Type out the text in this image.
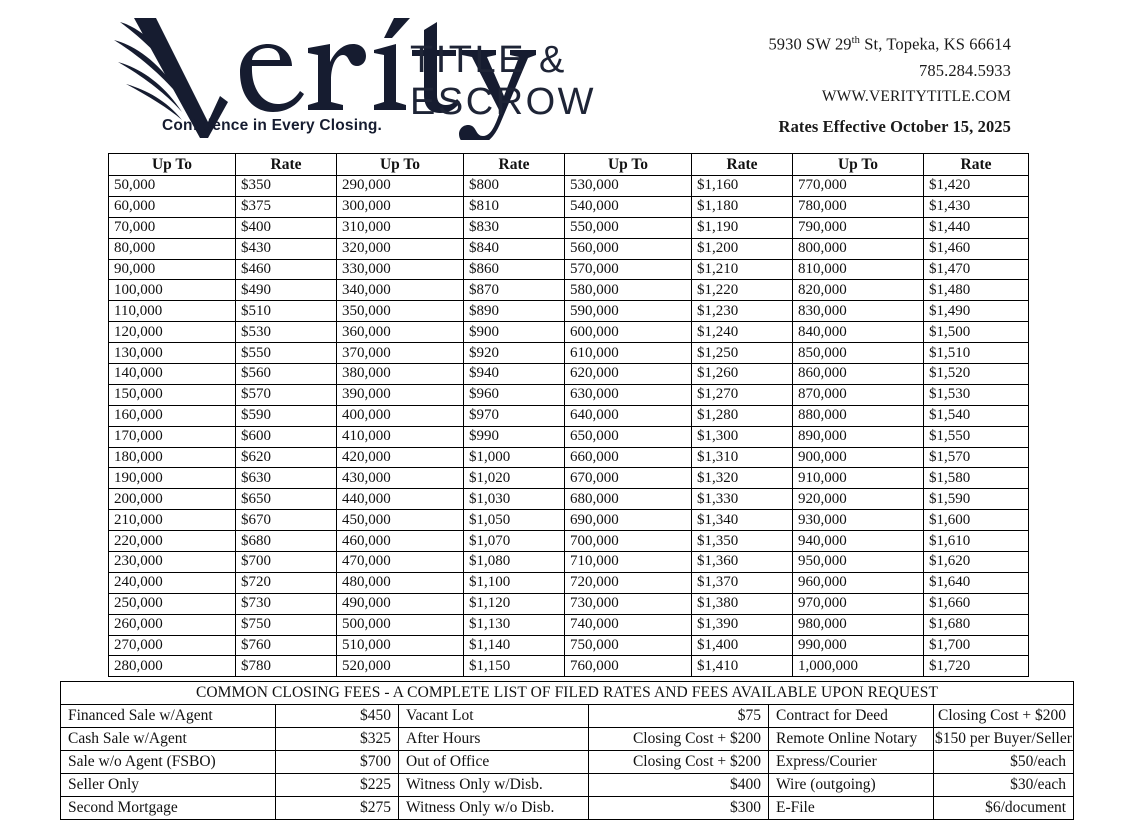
Confidence in Every Closing.
TITLE &
ESCROW
5930 SW 29th St, Topeka, KS 66614
785.284.5933
WWW.VERITYTITLE.COM
Rates Effective October 15, 2025
Up To	Rate	Up To	Rate	Up To	Rate	Up To	Rate
50,000	$350	290,000	$800	530,000	$1,160	770,000	$1,420
60,000	$375	300,000	$810	540,000	$1,180	780,000	$1,430
70,000	$400	310,000	$830	550,000	$1,190	790,000	$1,440
80,000	$430	320,000	$840	560,000	$1,200	800,000	$1,460
90,000	$460	330,000	$860	570,000	$1,210	810,000	$1,470
100,000	$490	340,000	$870	580,000	$1,220	820,000	$1,480
110,000	$510	350,000	$890	590,000	$1,230	830,000	$1,490
120,000	$530	360,000	$900	600,000	$1,240	840,000	$1,500
130,000	$550	370,000	$920	610,000	$1,250	850,000	$1,510
140,000	$560	380,000	$940	620,000	$1,260	860,000	$1,520
150,000	$570	390,000	$960	630,000	$1,270	870,000	$1,530
160,000	$590	400,000	$970	640,000	$1,280	880,000	$1,540
170,000	$600	410,000	$990	650,000	$1,300	890,000	$1,550
180,000	$620	420,000	$1,000	660,000	$1,310	900,000	$1,570
190,000	$630	430,000	$1,020	670,000	$1,320	910,000	$1,580
200,000	$650	440,000	$1,030	680,000	$1,330	920,000	$1,590
210,000	$670	450,000	$1,050	690,000	$1,340	930,000	$1,600
220,000	$680	460,000	$1,070	700,000	$1,350	940,000	$1,610
230,000	$700	470,000	$1,080	710,000	$1,360	950,000	$1,620
240,000	$720	480,000	$1,100	720,000	$1,370	960,000	$1,640
250,000	$730	490,000	$1,120	730,000	$1,380	970,000	$1,660
260,000	$750	500,000	$1,130	740,000	$1,390	980,000	$1,680
270,000	$760	510,000	$1,140	750,000	$1,400	990,000	$1,700
280,000	$780	520,000	$1,150	760,000	$1,410	1,000,000	$1,720
COMMON CLOSING FEES - A COMPLETE LIST OF FILED RATES AND FEES AVAILABLE UPON REQUEST					
Financed Sale w/Agent	$450	Vacant Lot	$75	Contract for Deed	Closing Cost + $200
Cash Sale w/Agent	$325	After Hours	Closing Cost + $200	Remote Online Notary	$150 per Buyer/Seller
Sale w/o Agent (FSBO)	$700	Out of Office	Closing Cost + $200	Express/Courier	$50/each
Seller Only	$225	Witness Only w/Disb.	$400	Wire (outgoing)	$30/each
Second Mortgage	$275	Witness Only w/o Disb.	$300	E-File	$6/document
